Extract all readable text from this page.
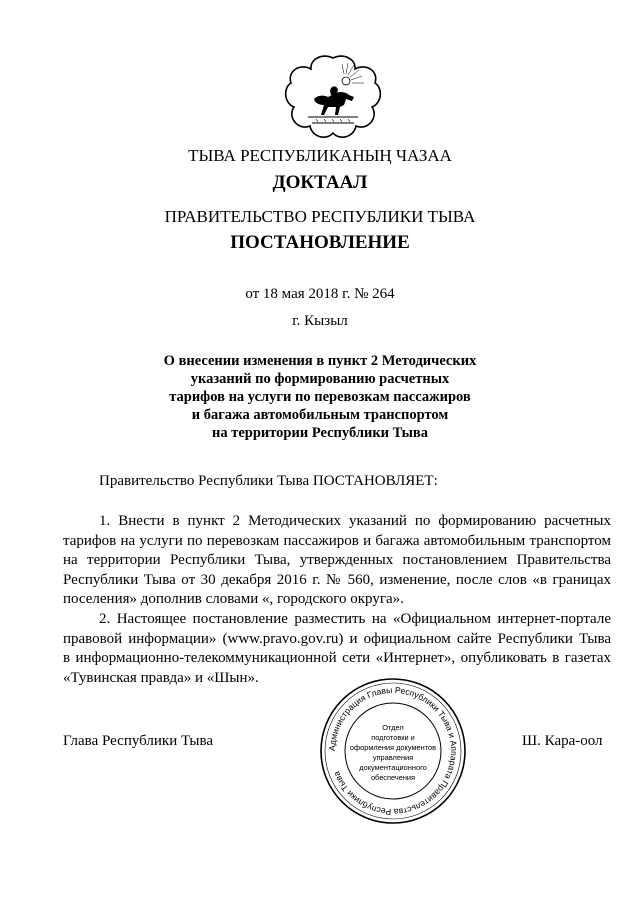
ТЫВА РЕСПУБЛИКАНЫҢ ЧАЗАА
ДОКТААЛ
ПРАВИТЕЛЬСТВО РЕСПУБЛИКИ ТЫВА
ПОСТАНОВЛЕНИЕ
от 18 мая 2018 г. № 264
г. Кызыл
О внесении изменения в пункт 2 Методических
указаний по формированию расчетных
тарифов на услуги по перевозкам пассажиров
и багажа автомобильным транспортом
на территории Республики Тыва
Правительство Республики Тыва ПОСТАНОВЛЯЕТ:
1. Внести в пункт 2 Методических указаний по формированию расчетных
тарифов на услуги по перевозкам пассажиров и багажа автомобильным транспортом
на территории Республики Тыва, утвержденных постановлением Правительства
Республики Тыва от 30 декабря 2016 г. № 560, изменение, после слов «в границах
поселения» дополнив словами «, городского округа».
2. Настоящее постановление разместить на «Официальном интернет-портале
правовой информации» (www.pravo.gov.ru) и официальном сайте Республики Тыва
в информационно-телекоммуникационной сети «Интернет», опубликовать в газетах
«Тувинская правда» и «Шын».
Глава Республики Тыва	Ш. Кара-оол
Администрация Главы Республики Тыва и Аппарата Правительства Республики Тыва
Отдел
подготовки и
оформления документов
управления
документационного
обеспечения
